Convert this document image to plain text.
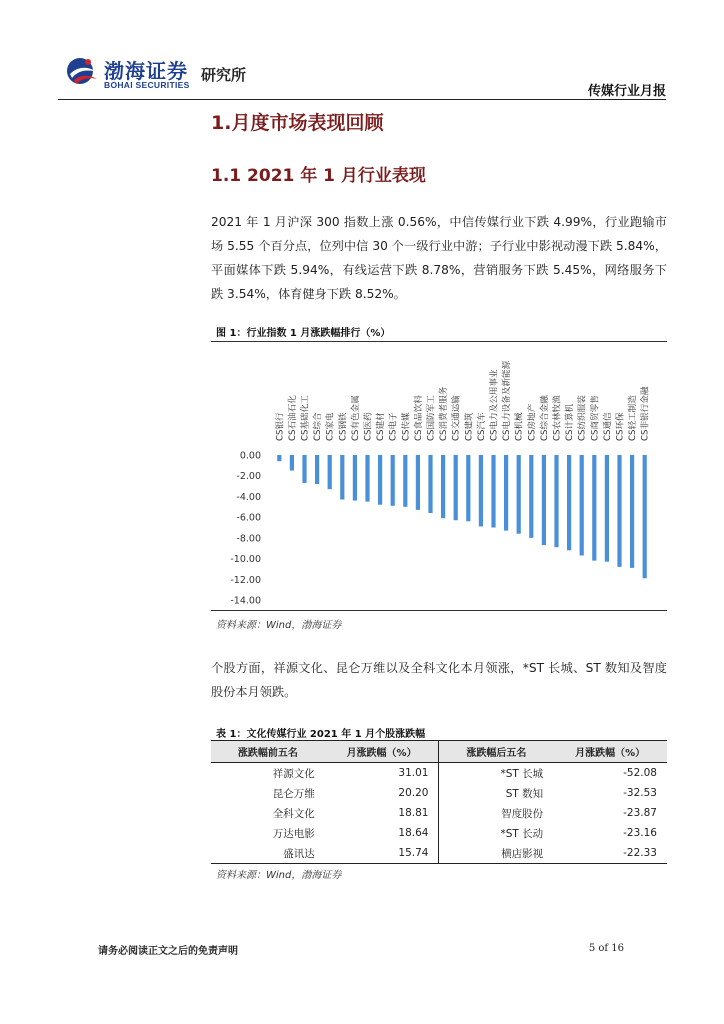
渤海证券
BOHAI SECURITIES
研究所
传媒行业月报
1.月度市场表现回顾
1.1 2021 年 1 月行业表现

2021 年 1 月沪深 300 指数上涨 0.56%，中信传媒行业下跌 4.99%，行业跑输市场 5.55 个百分点，位列中信 30 个一级行业中游；子行业中影视动漫下跌 5.84%，平面媒体下跌 5.94%，有线运营下跌 8.78%，营销服务下跌 5.45%，网络服务下跌 3.54%，体育健身下跌 8.52%。

图 1：行业指数 1 月涨跌幅排行（%）
0.00
-2.00
-4.00
-6.00
-8.00
-10.00
-12.00
-14.00
CS银行 CS石油石化 CS基础化工 CS综合 CS家电 CS钢铁 CS有色金属 CS医药 CS建材 CS电子 CS传媒 CS食品饮料 CS国防军工 CS消费者服务 CS交通运输 CS建筑 CS汽车 CS电力及公用事业 CS电力设备及新能源 CS机械 CS房地产 CS综合金融 CS农林牧渔 CS计算机 CS纺织服装 CS商贸零售 CS通信 CS环保 CS轻工制造 CS非银行金融
资料来源：Wind，渤海证券

个股方面，祥源文化、昆仑万维以及全科文化本月领涨，*ST 长城、ST 数知及智度股份本月领跌。

表 1：文化传媒行业 2021 年 1 月个股涨跌幅
涨跌幅前五名	月涨跌幅（%）	涨跌幅后五名	月涨跌幅（%）
祥源文化	31.01	*ST 长城	-52.08
昆仑万维	20.20	ST 数知	-32.53
全科文化	18.81	智度股份	-23.87
万达电影	18.64	*ST 长动	-23.16
盛讯达	15.74	横店影视	-22.33
资料来源：Wind，渤海证券
请务必阅读正文之后的免责声明	5 of 16
